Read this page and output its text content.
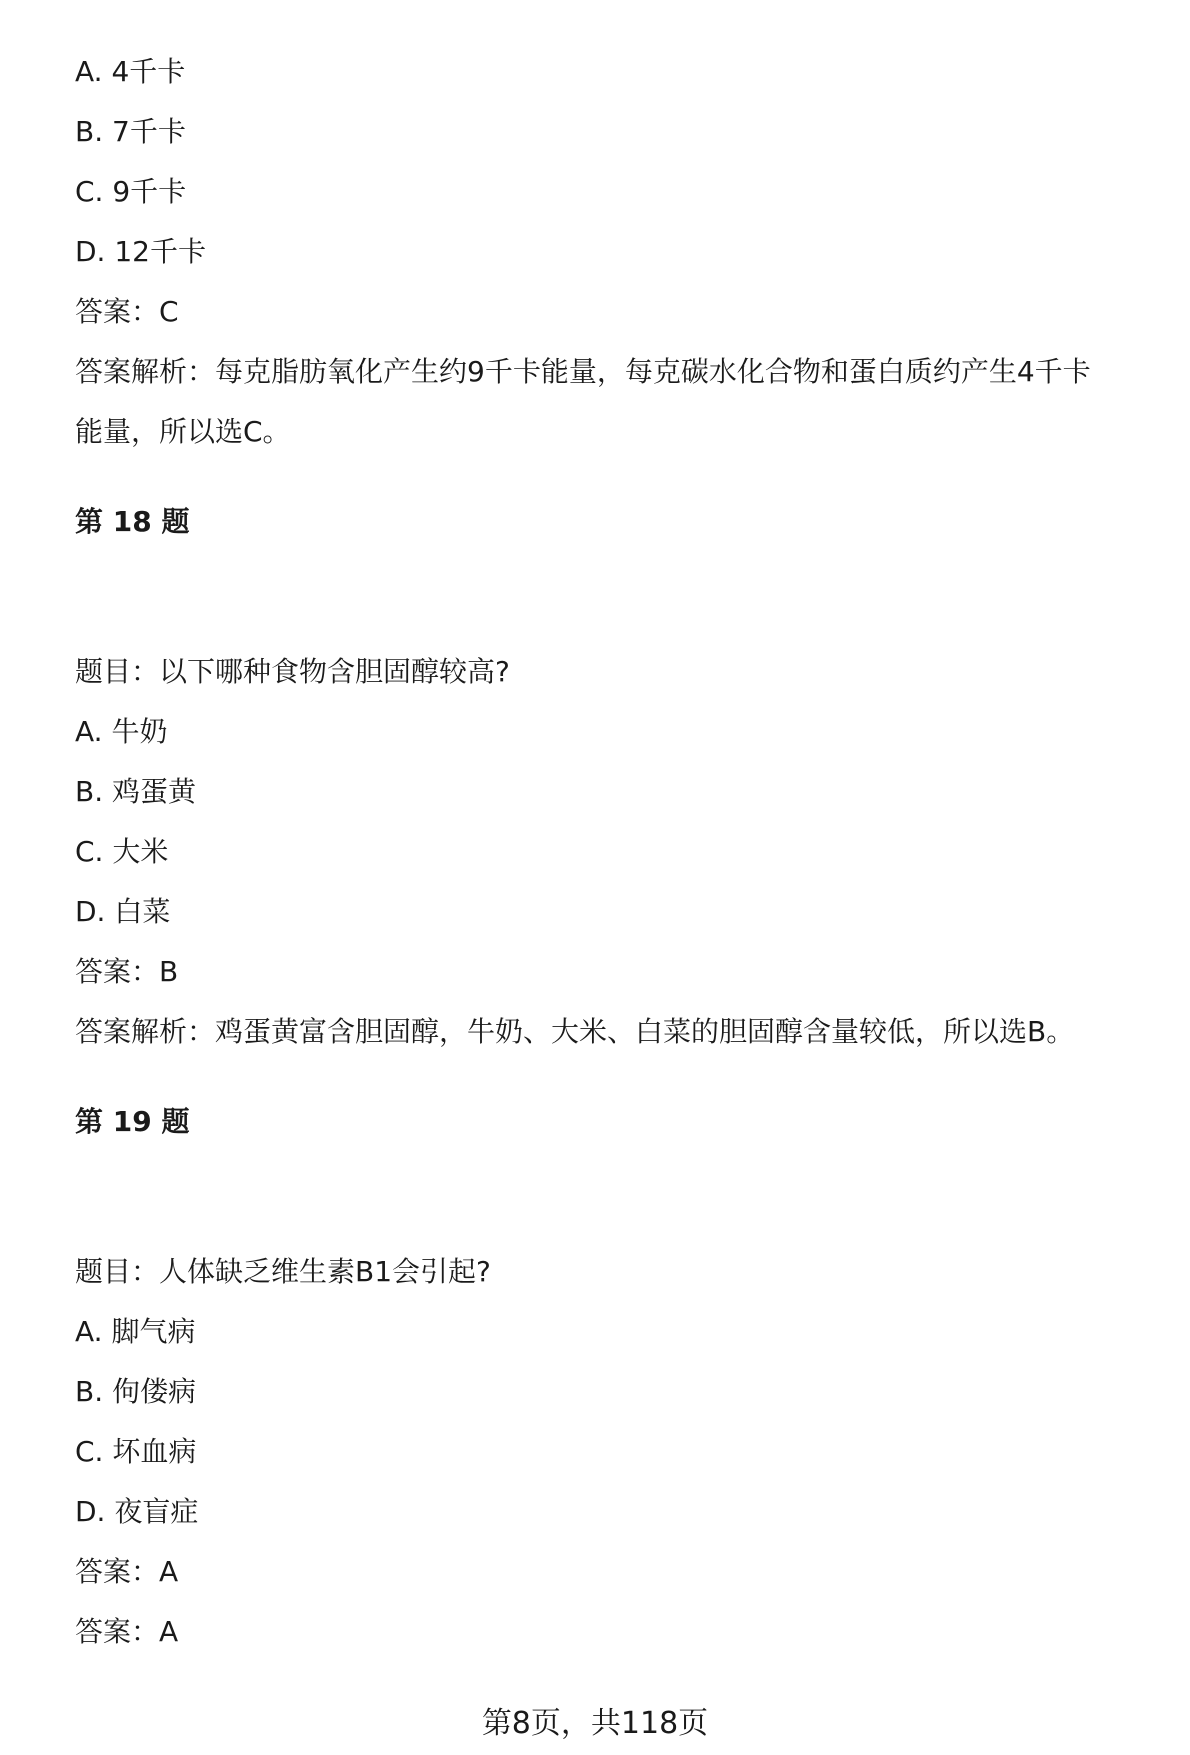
A. 4千卡
B. 7千卡
C. 9千卡
D. 12千卡
答案：C
答案解析：每克脂肪氧化产生约9千卡能量，每克碳水化合物和蛋白质约产生4千卡
能量，所以选C。
第 18 题
题目：以下哪种食物含胆固醇较高?
A. 牛奶
B. 鸡蛋黄
C. 大米
D. 白菜
答案：B
答案解析：鸡蛋黄富含胆固醇，牛奶、大米、白菜的胆固醇含量较低，所以选B。
第 19 题
题目：人体缺乏维生素B1会引起?
A. 脚气病
B. 佝偻病
C. 坏血病
D. 夜盲症
答案：A
答案：A
第8页，共118页
